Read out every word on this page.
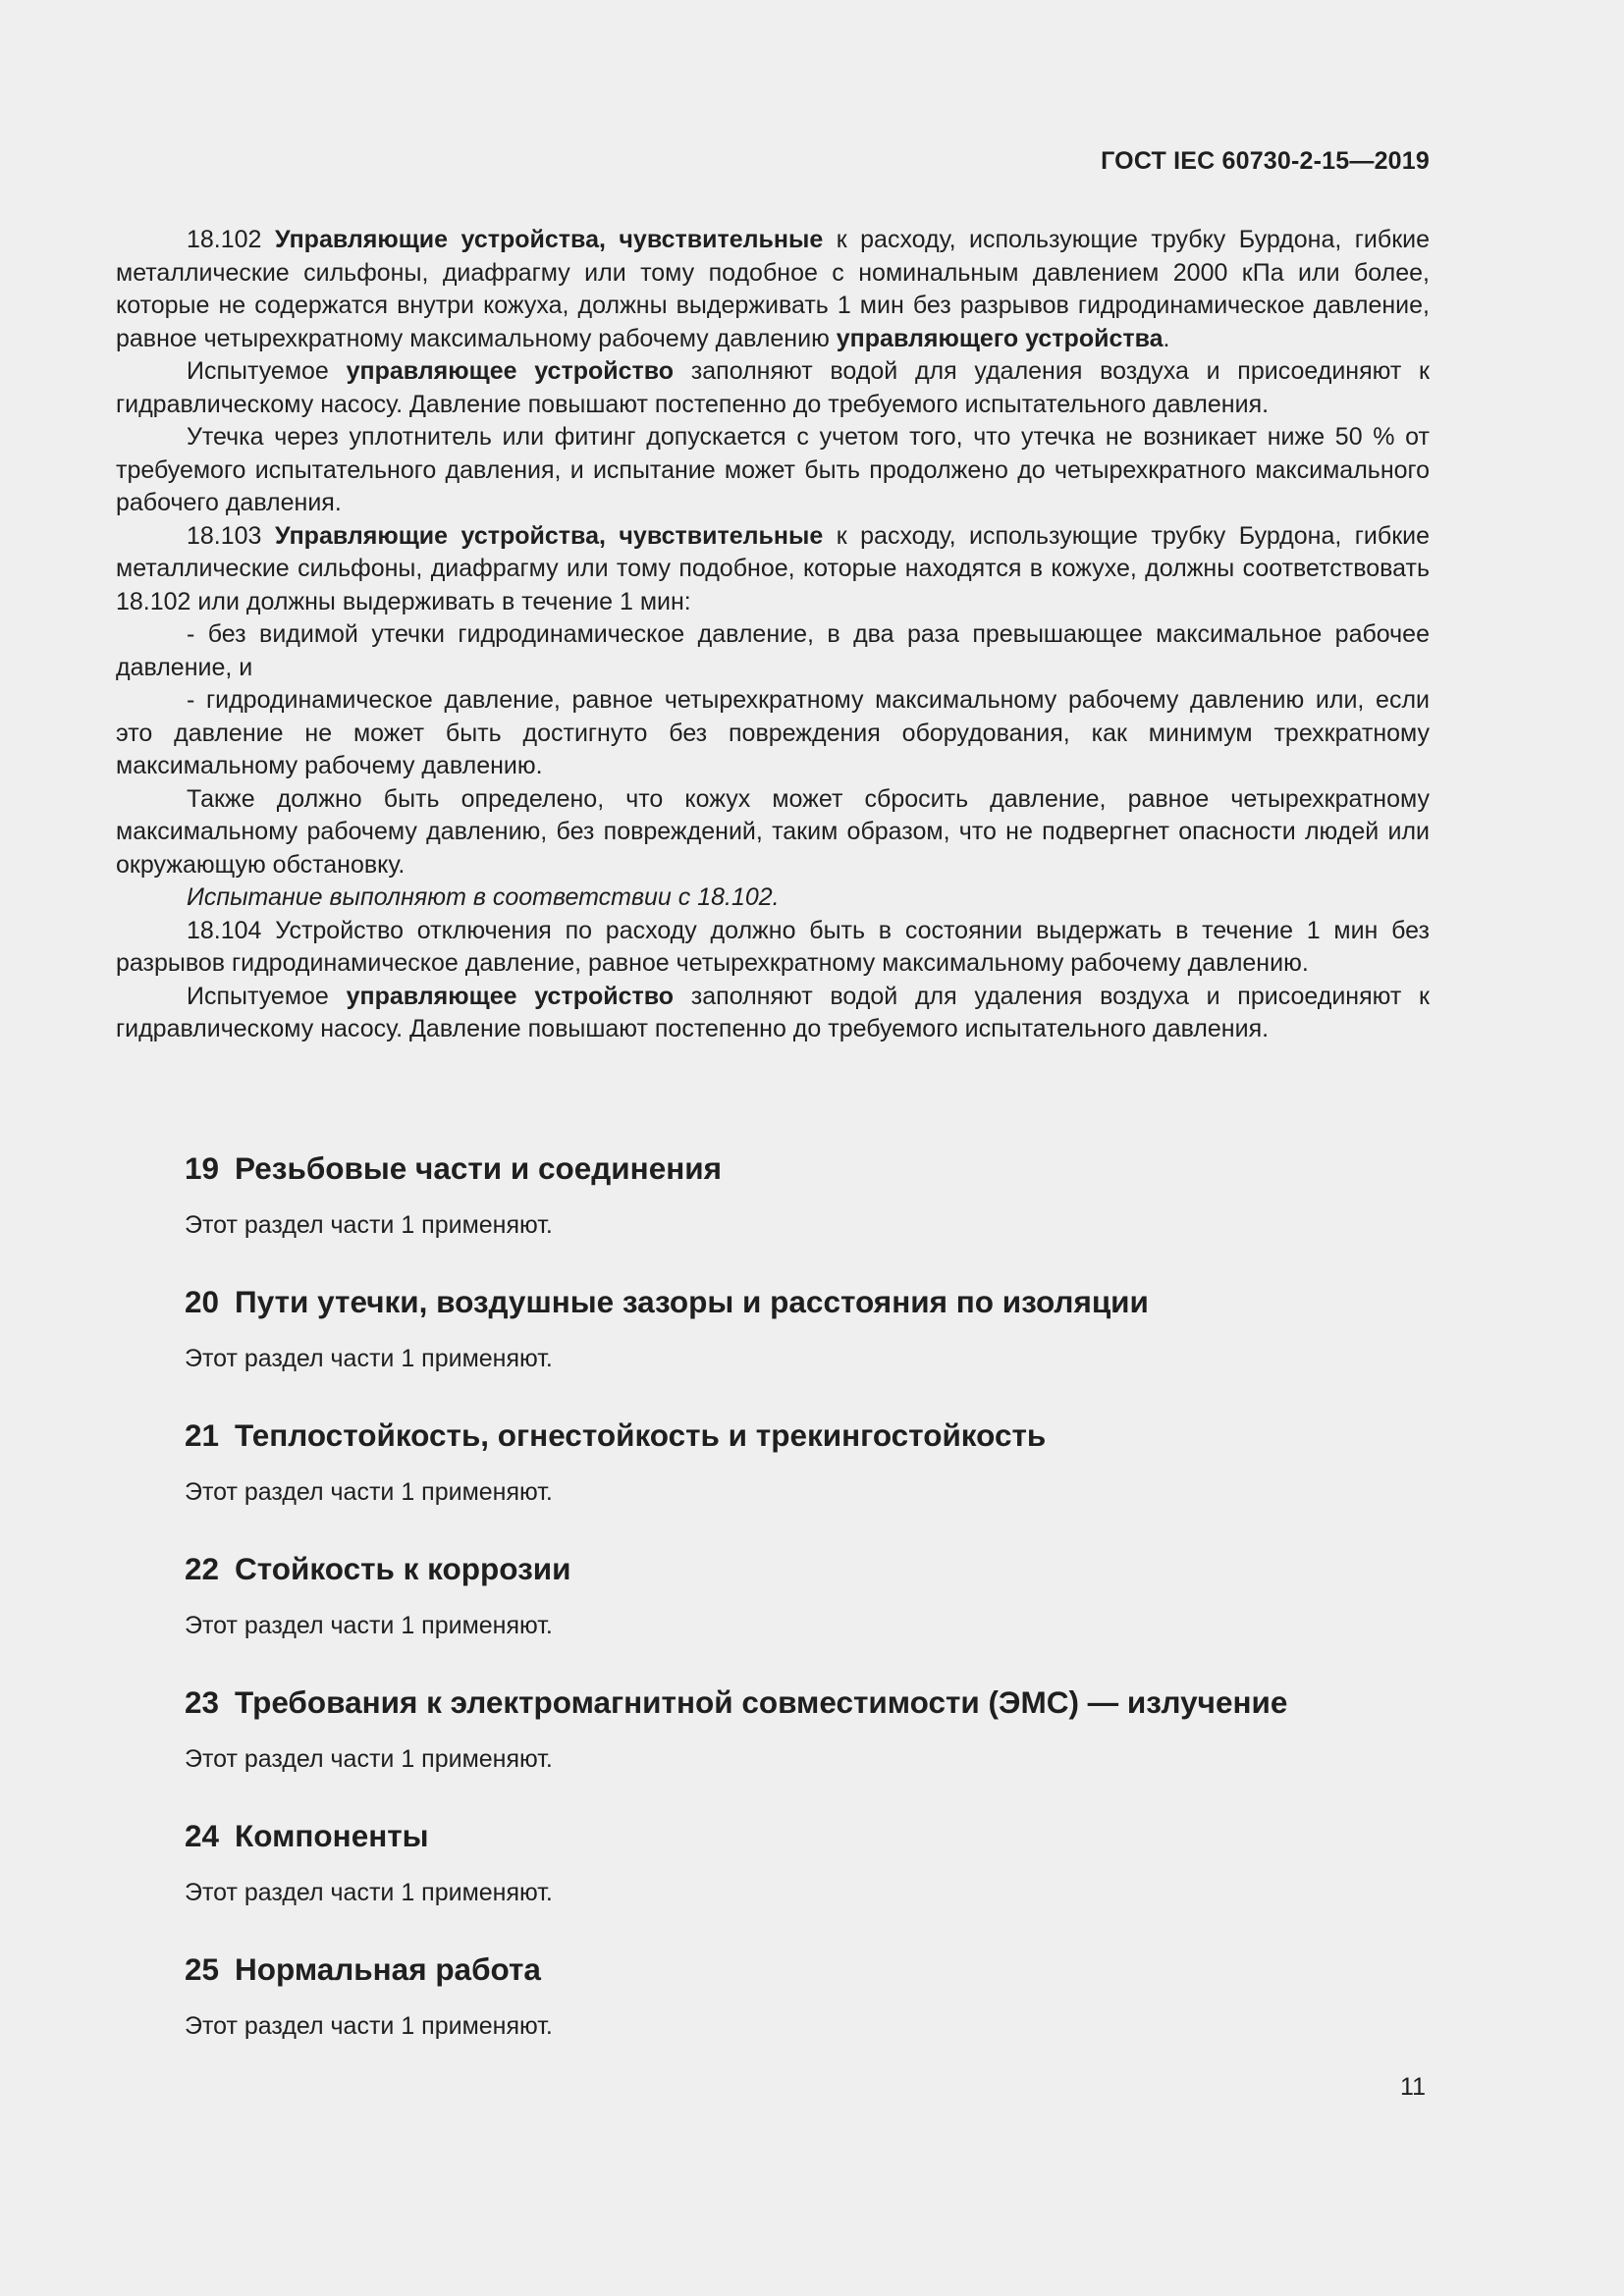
ГОСТ IEC 60730-2-15—2019

18.102 Управляющие устройства, чувствительные к расходу, использующие трубку Бурдона, гибкие металлические сильфоны, диафрагму или тому подобное с номинальным давлением 2000 кПа или более, которые не содержатся внутри кожуха, должны выдерживать 1 мин без разрывов гидродинамическое давление, равное четырехкратному максимальному рабочему давлению управляющего устройства.

Испытуемое управляющее устройство заполняют водой для удаления воздуха и присоединяют к гидравлическому насосу. Давление повышают постепенно до требуемого испытательного давления.

Утечка через уплотнитель или фитинг допускается с учетом того, что утечка не возникает ниже 50 % от требуемого испытательного давления, и испытание может быть продолжено до четырехкратного максимального рабочего давления.

18.103 Управляющие устройства, чувствительные к расходу, использующие трубку Бурдона, гибкие металлические сильфоны, диафрагму или тому подобное, которые находятся в кожухе, должны соответствовать 18.102 или должны выдерживать в течение 1 мин:

- без видимой утечки гидродинамическое давление, в два раза превышающее максимальное рабочее давление, и

- гидродинамическое давление, равное четырехкратному максимальному рабочему давлению или, если это давление не может быть достигнуто без повреждения оборудования, как минимум трехкратному максимальному рабочему давлению.

Также должно быть определено, что кожух может сбросить давление, равное четырехкратному максимальному рабочему давлению, без повреждений, таким образом, что не подвергнет опасности людей или окружающую обстановку.

Испытание выполняют в соответствии с 18.102.

18.104 Устройство отключения по расходу должно быть в состоянии выдержать в течение 1 мин без разрывов гидродинамическое давление, равное четырехкратному максимальному рабочему давлению.

Испытуемое управляющее устройство заполняют водой для удаления воздуха и присоединяют к гидравлическому насосу. Давление повышают постепенно до требуемого испытательного давления.

19 Резьбовые части и соединения

Этот раздел части 1 применяют.

20 Пути утечки, воздушные зазоры и расстояния по изоляции

Этот раздел части 1 применяют.

21 Теплостойкость, огнестойкость и трекингостойкость

Этот раздел части 1 применяют.

22 Стойкость к коррозии

Этот раздел части 1 применяют.

23 Требования к электромагнитной совместимости (ЭМС) — излучение

Этот раздел части 1 применяют.

24 Компоненты

Этот раздел части 1 применяют.

25 Нормальная работа

Этот раздел части 1 применяют.

11
